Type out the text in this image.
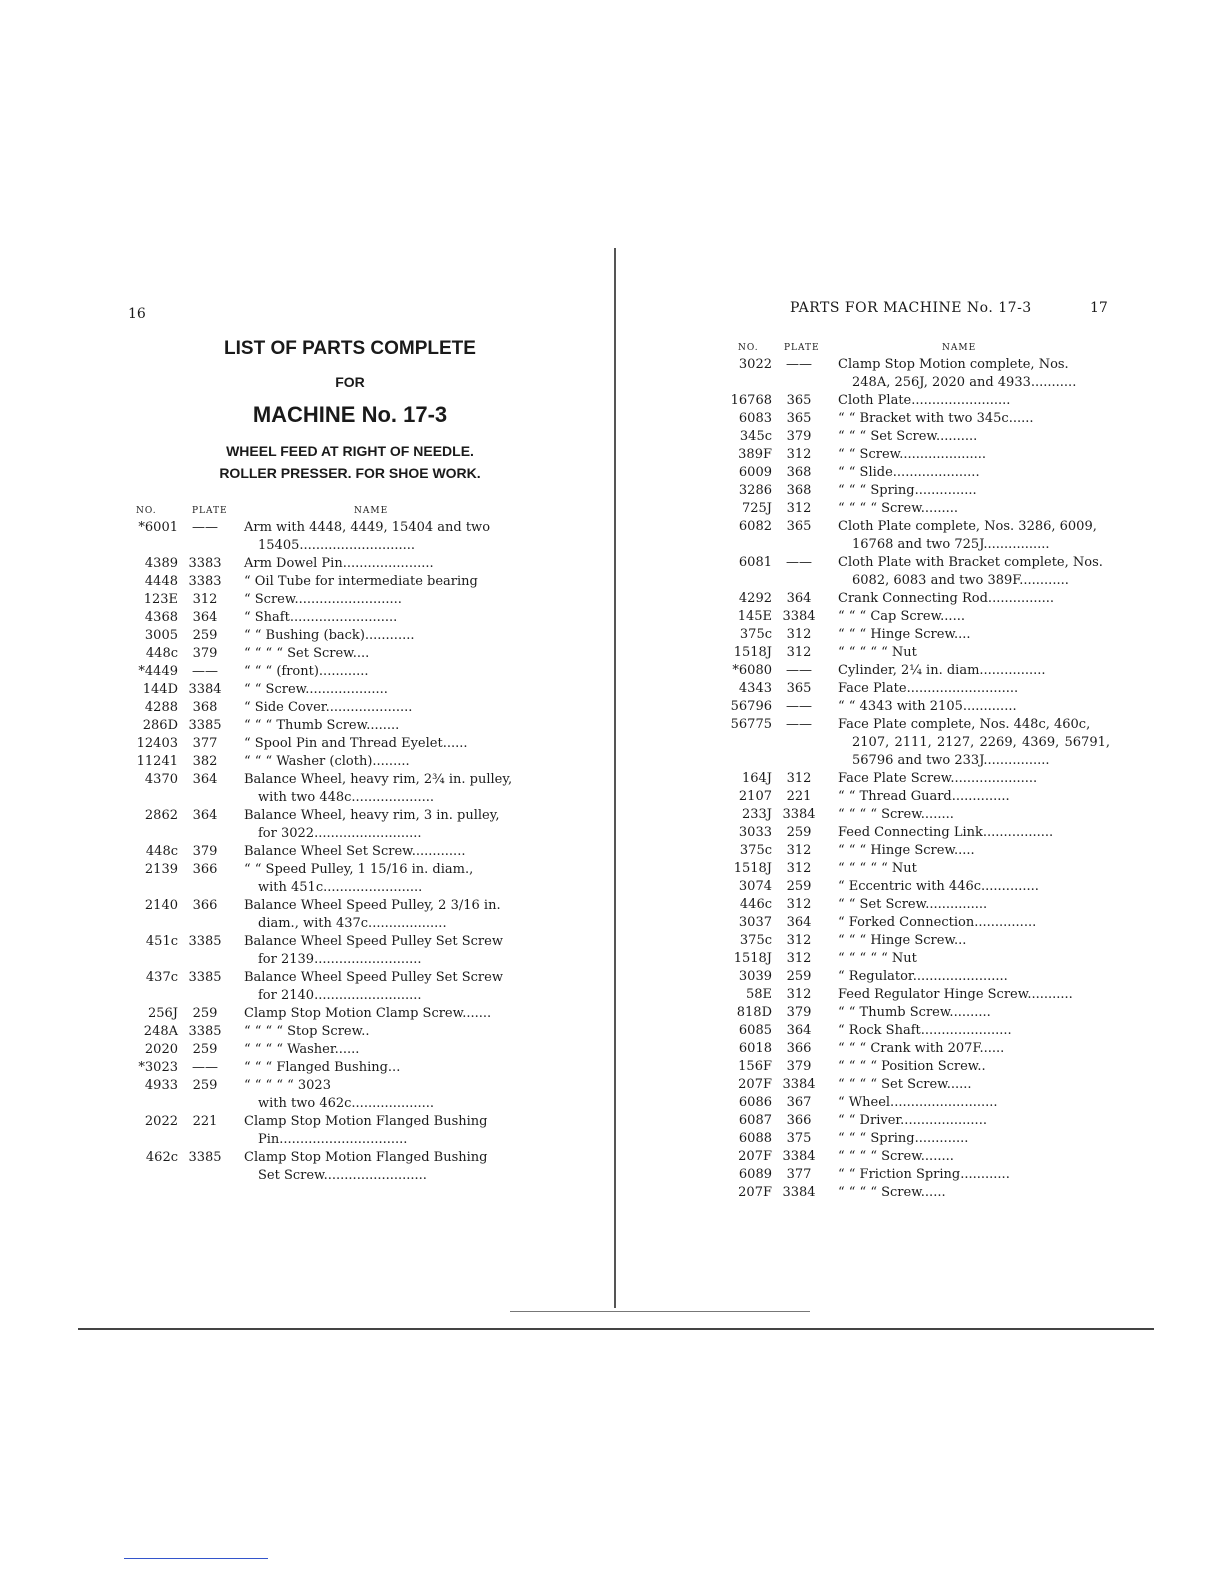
16
LIST OF PARTS COMPLETE
FOR
MACHINE No. 17-3
WHEEL FEED AT RIGHT OF NEEDLE.
ROLLER PRESSER. FOR SHOE WORK.
NO.	PLATE	NAME
*6001	——	Arm with 4448, 4449, 15404 and two
15405............................
4389 3383	Arm Dowel Pin......................
4448 3383	“ Oil Tube for intermediate bearing
123E	312	“ Screw..........................
4368	364	“ Shaft..........................
3005	259	“ “ Bushing (back)............
448c	379	“ “ “ “ Set Screw....
*4449	——	“ “ “ (front)............
144D 3384	“ “ Screw....................
4288	368	“ Side Cover.....................
286D 3385	“ “ “ Thumb Screw........
12403	377	“ Spool Pin and Thread Eyelet......
11241	382	“ “ “ Washer (cloth).........
4370	364	Balance Wheel, heavy rim, 2¾ in. pulley,
with two 448c....................
2862	364	Balance Wheel, heavy rim, 3 in. pulley,
for 3022..........................
448c	379	Balance Wheel Set Screw.............
2139	366	“ “ Speed Pulley, 1 15/16 in. diam.,
with 451c........................
2140	366	Balance Wheel Speed Pulley, 2 3/16 in.
diam., with 437c...................
451c 3385	Balance Wheel Speed Pulley Set Screw
for 2139..........................
437c 3385	Balance Wheel Speed Pulley Set Screw
for 2140..........................
256J	259	Clamp Stop Motion Clamp Screw.......
248A 3385	“ “ “ “ Stop Screw..
2020	259	“ “ “ “ Washer......
*3023	——	“ “ “ Flanged Bushing...
4933	259	“ “ “ “ “ 3023
with two 462c....................
2022	221	Clamp Stop Motion Flanged Bushing
Pin...............................
462c 3385	Clamp Stop Motion Flanged Bushing
Set Screw.........................
PARTS FOR MACHINE No. 17-3	17
NO.	PLATE	NAME
3022	——	Clamp Stop Motion complete, Nos.
248A, 256J, 2020 and 4933...........
16768	365	Cloth Plate........................
6083	365	“ “ Bracket with two 345c......
345c	379	“ “ “ Set Screw..........
389F	312	“ “ Screw.....................
6009	368	“ “ Slide.....................
3286	368	“ “ “ Spring...............
725J	312	“ “ “ “ Screw.........
6082	365	Cloth Plate complete, Nos. 3286, 6009,
16768 and two 725J................
6081	——	Cloth Plate with Bracket complete, Nos.
6082, 6083 and two 389F............
4292	364	Crank Connecting Rod................
145E 3384	“ “ “ Cap Screw......
375c	312	“ “ “ Hinge Screw....
1518J	312	“ “ “ “ “ Nut
*6080	——	Cylinder, 2¼ in. diam................
4343	365	Face Plate...........................
56796	——	“ “ 4343 with 2105.............
56775	——	Face Plate complete, Nos. 448c, 460c,
2107, 2111, 2127, 2269, 4369, 56791, 56796 and two 233J................
164J	312	Face Plate Screw.....................
2107	221	“ “ Thread Guard..............
233J 3384	“ “ “ “ Screw........
3033	259	Feed Connecting Link.................
375c	312	“ “ “ Hinge Screw.....
1518J	312	“ “ “ “ “ Nut
3074	259	“ Eccentric with 446c..............
446c	312	“ “ Set Screw...............
3037	364	“ Forked Connection...............
375c	312	“ “ “ Hinge Screw...
1518J	312	“ “ “ “ “ Nut
3039	259	“ Regulator.......................
58E	312	Feed Regulator Hinge Screw...........
818D	379	“ “ Thumb Screw..........
6085	364	“ Rock Shaft......................
6018	366	“ “ “ Crank with 207F......
156F	379	“ “ “ “ Position Screw..
207F 3384	“ “ “ “ Set Screw......
6086	367	“ Wheel..........................
6087	366	“ “ Driver.....................
6088	375	“ “ “ Spring.............
207F 3384	“ “ “ “ Screw........
6089	377	“ “ Friction Spring............
207F 3384	“ “ “ “ Screw......
